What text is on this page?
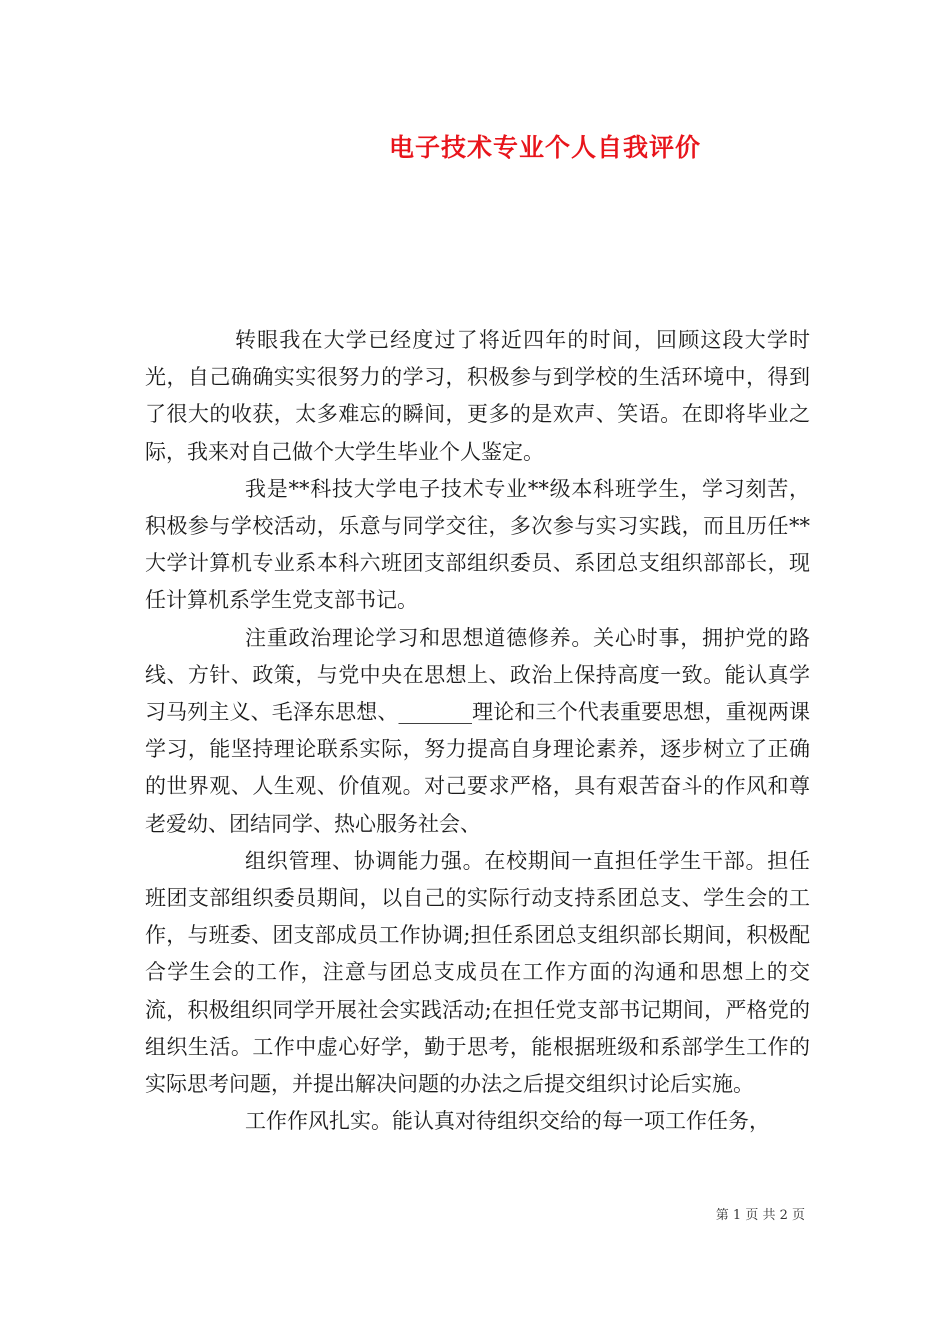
电子技术专业个人自我评价

转眼我在大学已经度过了将近四年的时间，回顾这段大学时光，自己确确实实很努力的学习，积极参与到学校的生活环境中，得到了很大的收获，太多难忘的瞬间，更多的是欢声、笑语。在即将毕业之际，我来对自己做个大学生毕业个人鉴定。

我是**科技大学电子技术专业**级本科班学生，学习刻苦，积极参与学校活动，乐意与同学交往，多次参与实习实践，而且历任**大学计算机专业系本科六班团支部组织委员、系团总支组织部部长，现任计算机系学生党支部书记。

注重政治理论学习和思想道德修养。关心时事，拥护党的路线、方针、政策，与党中央在思想上、政治上保持高度一致。能认真学习马列主义、毛泽东思想、_______理论和三个代表重要思想，重视两课学习，能坚持理论联系实际，努力提高自身理论素养，逐步树立了正确的世界观、人生观、价值观。对己要求严格，具有艰苦奋斗的作风和尊老爱幼、团结同学、热心服务社会、

组织管理、协调能力强。在校期间一直担任学生干部。担任班团支部组织委员期间，以自己的实际行动支持系团总支、学生会的工作，与班委、团支部成员工作协调;担任系团总支组织部长期间，积极配合学生会的工作，注意与团总支成员在工作方面的沟通和思想上的交流，积极组织同学开展社会实践活动;在担任党支部书记期间，严格党的组织生活。工作中虚心好学，勤于思考，能根据班级和系部学生工作的实际思考问题，并提出解决问题的办法之后提交组织讨论后实施。

工作作风扎实。能认真对待组织交给的每一项工作任务，

第 1 页 共 2 页
